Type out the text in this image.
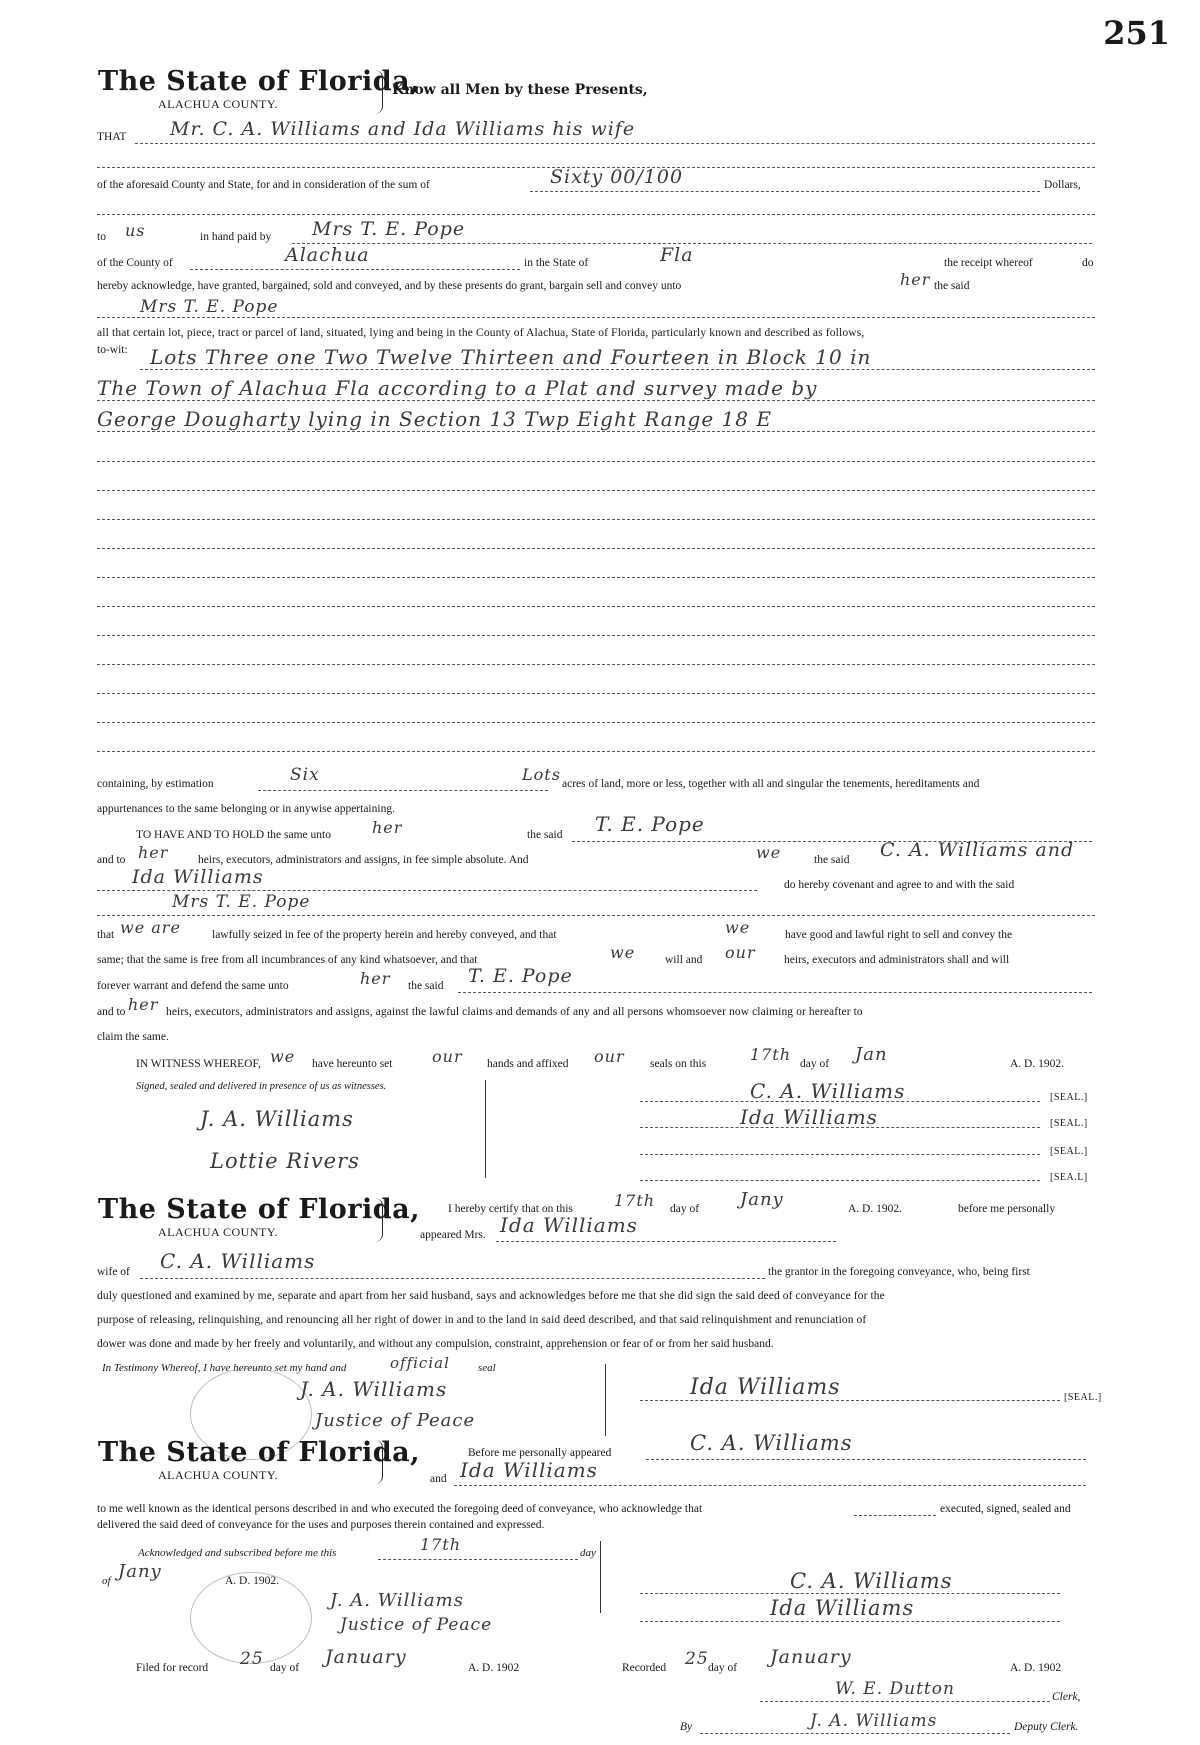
251
The State of Florida,
ALACHUA COUNTY.
Know all Men by these Presents,
THAT Mr. C. A. Williams and Ida Williams his wife
of the aforesaid County and State, for and in consideration of the sum of	Sixty 00/100	Dollars,
to us	in hand paid by Mrs T. E. Pope
of the County of	Alachua	in the State of	Fla	the receipt whereof	do
hereby acknowledge, have granted, bargained, sold and conveyed, and by these presents do grant, bargain sell and convey unto	her the said
Mrs T. E. Pope
all that certain lot, piece, tract or parcel of land, situated, lying and being in the County of Alachua, State of Florida, particularly known and described as follows,
to-wit: Lots Three one Two Twelve Thirteen and Fourteen in Block 10 in
The Town of Alachua Fla according to a Plat and survey made by
George Dougharty lying in Section 13 Twp Eight Range 18 E
containing, by estimation	Six	Lots acres of land, more or less, together with all and singular the tenements, hereditaments and
appurtenances to the same belonging or in anywise appertaining.
TO HAVE AND TO HOLD the same unto	her	the said T. E. Pope
and to her	heirs, executors, administrators and assigns, in fee simple absolute. And	we	the said C. A. Williams and
Ida Williams	do hereby covenant and agree to and with the said
Mrs T. E. Pope
that we are	lawfully seized in fee of the property herein and hereby conveyed, and that	we	have good and lawful right to sell and convey the
same; that the same is free from all incumbrances of any kind whatsoever, and that	we	will and our heirs, executors and administrators shall and will
forever warrant and defend the same unto	her the said T. E. Pope
and to her heirs, executors, administrators and assigns, against the lawful claims and demands of any and all persons whomsoever now claiming or hereafter to
claim the same.
IN WITNESS WHEREOF, we have hereunto set our hands and affixed our seals on this	17th day of Jan	A. D. 1902.
Signed, sealed and delivered in presence of us as witnesses.
J. A. Williams
Lottie Rivers
C. A. Williams	[SEAL.]
Ida Williams	[SEAL.]
[SEAL.]
[SEA.L]
The State of Florida,
ALACHUA COUNTY.
I hereby certify that on this	17th day of Jany	A. D. 1902.	before me personally
appeared Mrs. Ida Williams
wife of C. A. Williams	the grantor in the foregoing conveyance, who, being first
duly questioned and examined by me, separate and apart from her said husband, says and acknowledges before me that she did sign the said deed of conveyance for the
purpose of releasing, relinquishing, and renouncing all her right of dower in and to the land in said deed described, and that said relinquishment and renunciation of
dower was done and made by her freely and voluntarily, and without any compulsion, constraint, apprehension or fear of or from her said husband.
In Testimony Whereof, I have hereunto set my hand and	official	seal
J. A. Williams
Justice of Peace
Ida Williams	[SEAL.]
The State of Florida,
ALACHUA COUNTY.
Before me personally appeared	C. A. Williams
and Ida Williams
to me well known as the identical persons described in and who executed the foregoing deed of conveyance, who acknowledge that	executed, signed, sealed and
delivered the said deed of conveyance for the uses and purposes therein contained and expressed.
Acknowledged and subscribed before me this	17th	day
of Jany	A. D. 1902.
J. A. Williams
Justice of Peace
C. A. Williams
Ida Williams
Filed for record 25 day of January	A. D. 1902	Recorded 25 day of January	A. D. 1902
W. E. Dutton	Clerk,
By	J. A. Williams	Deputy Clerk.
